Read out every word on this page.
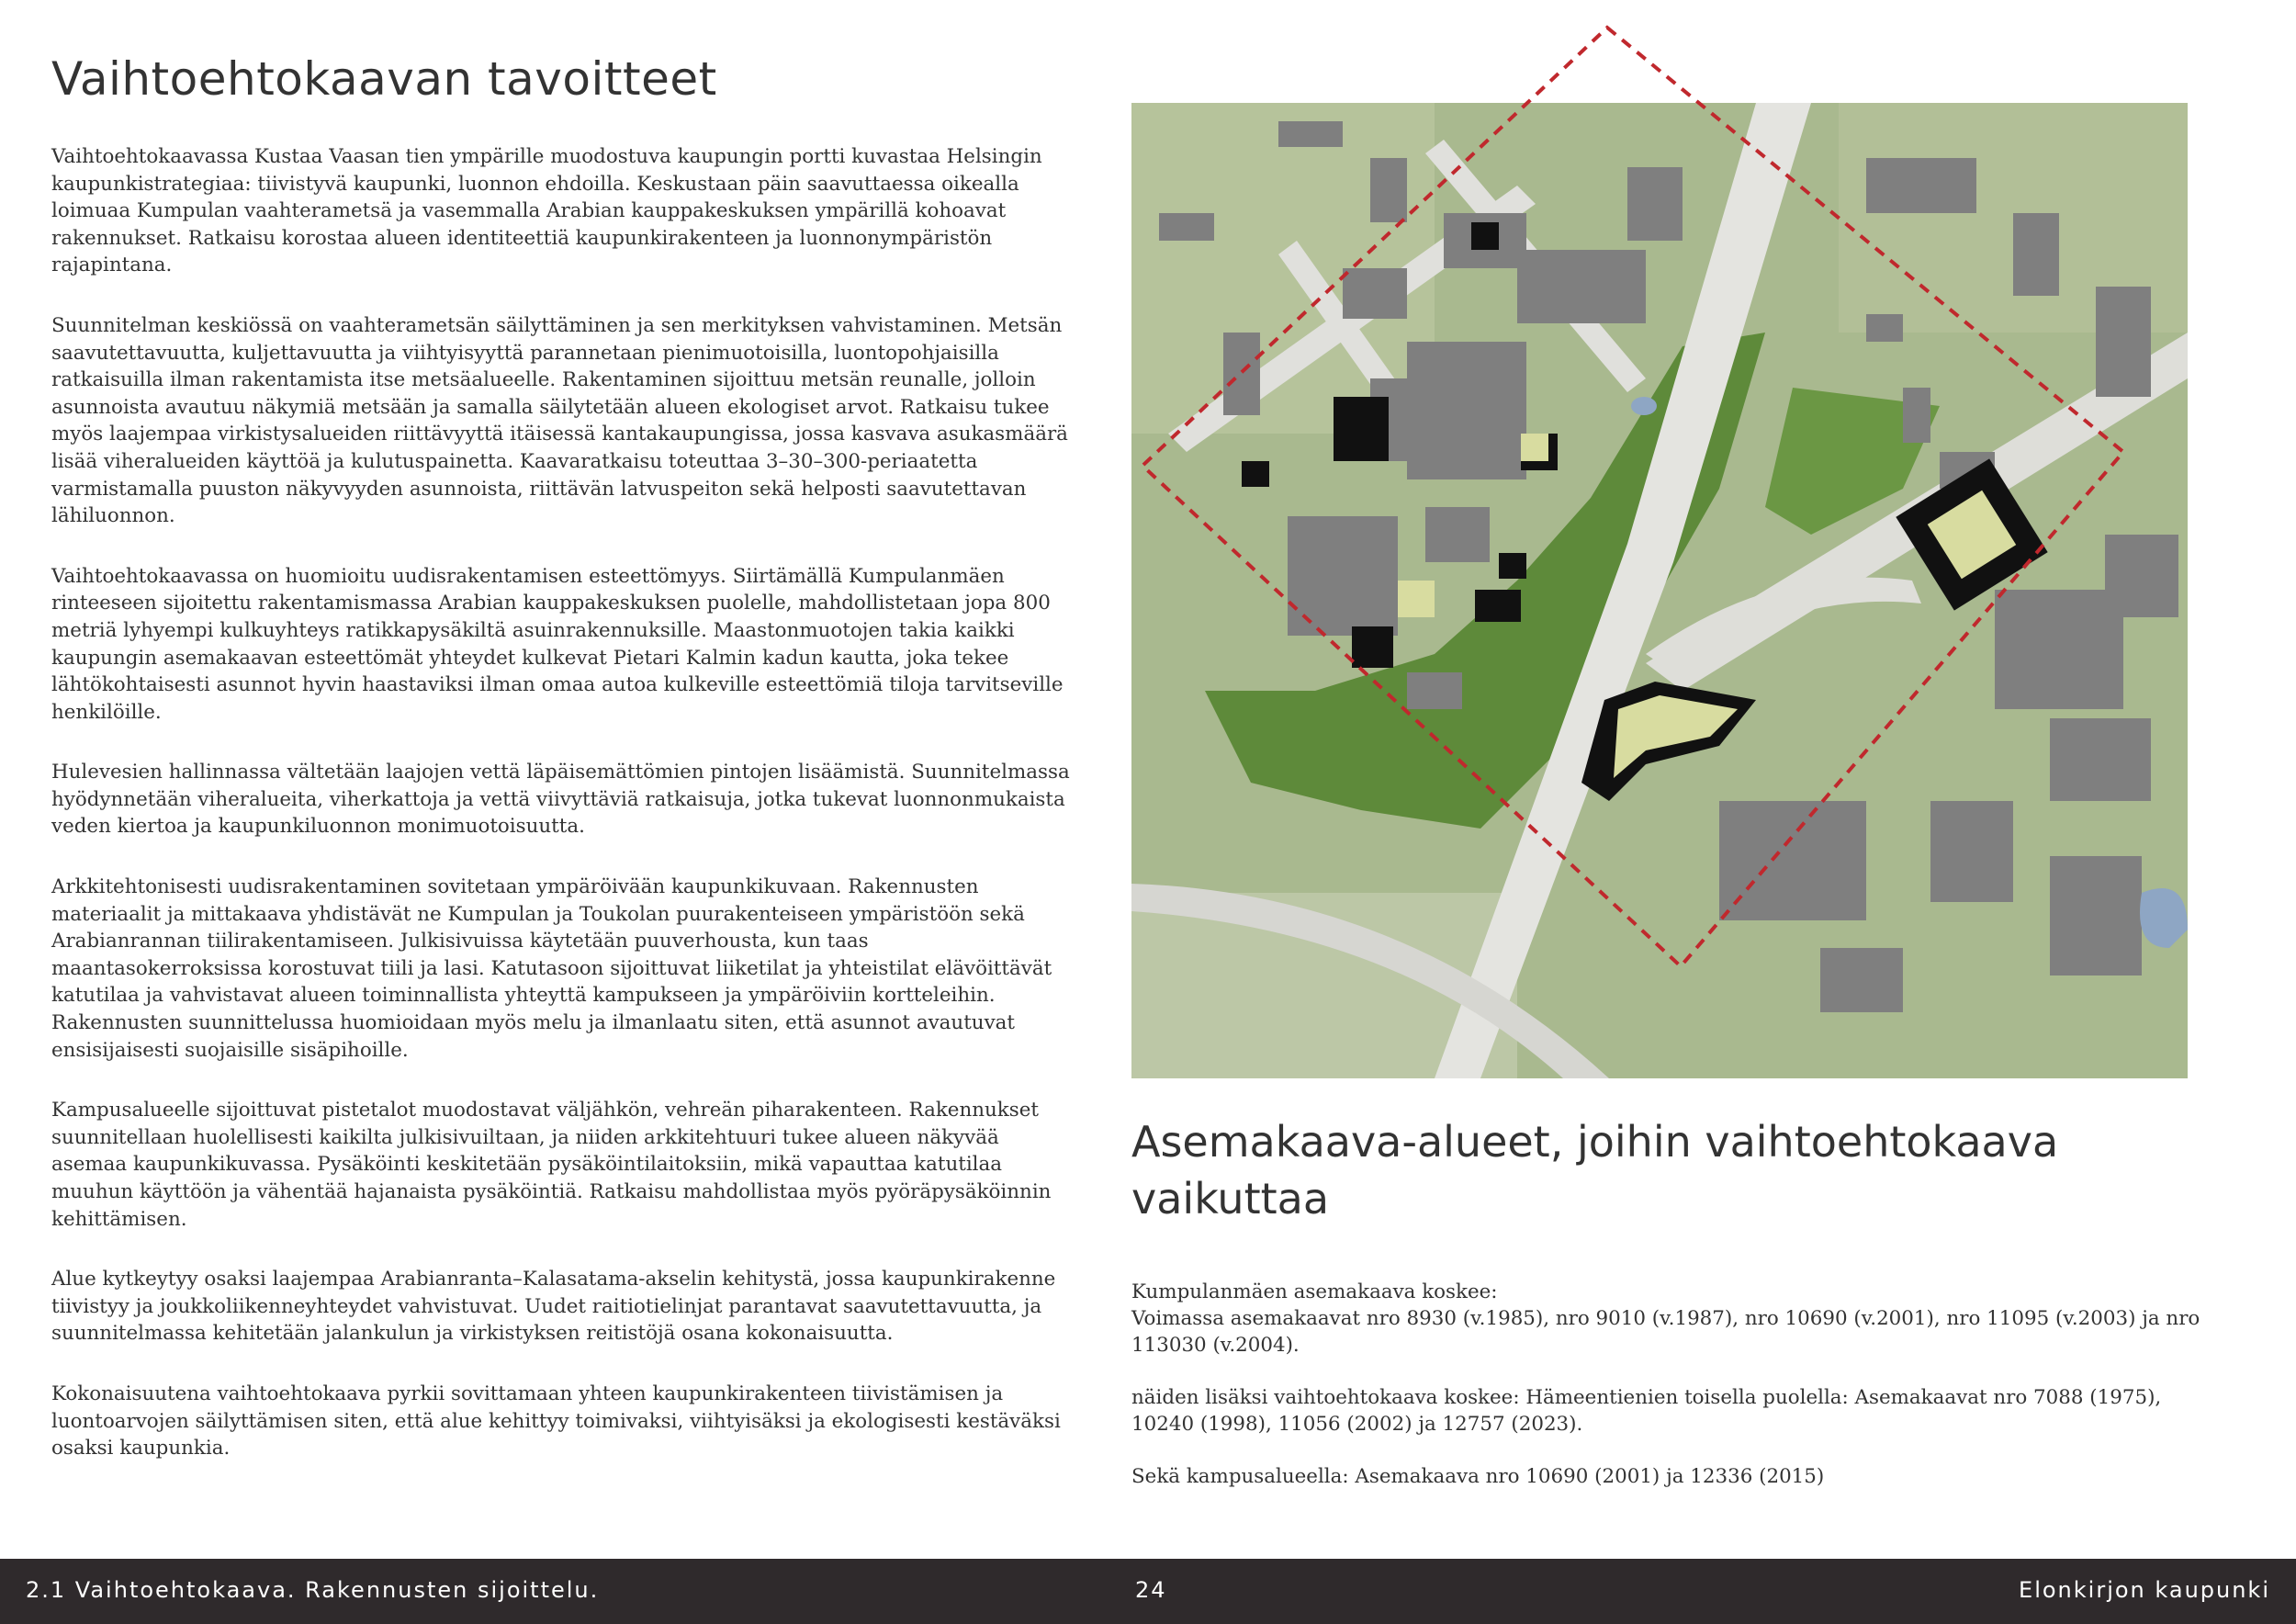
Vaihtoehtokaavan tavoitteet

Vaihtoehtokaavassa Kustaa Vaasan tien ympärille muodostuva kaupungin portti kuvastaa Helsingin kaupunkistrategiaa: tiivistyvä kaupunki, luonnon ehdoilla. Keskustaan päin saavuttaessa oikealla loimuaa Kumpulan vaahterametsä ja vasemmalla Arabian kauppakeskuksen ympärillä kohoavat rakennukset. Ratkaisu korostaa alueen identiteettiä kaupunkirakenteen ja luonnonympäristön rajapintana.

Suunnitelman keskiössä on vaahterametsän säilyttäminen ja sen merkityksen vahvistaminen. Metsän saavutettavuutta, kuljettavuutta ja viihtyisyyttä parannetaan pienimuotoisilla, luontopohjaisilla ratkaisuilla ilman rakentamista itse metsäalueelle. Rakentaminen sijoittuu metsän reunalle, jolloin asunnoista avautuu näkymiä metsään ja samalla säilytetään alueen ekologiset arvot. Ratkaisu tukee myös laajempaa virkistysalueiden riittävyyttä itäisessä kantakaupungissa, jossa kasvava asukasmäärä lisää viheralueiden käyttöä ja kulutuspainetta. Kaavaratkaisu toteuttaa 3–30–300-periaatetta varmistamalla puuston näkyvyyden asunnoista, riittävän latvuspeiton sekä helposti saavutettavan lähiluonnon.

Vaihtoehtokaavassa on huomioitu uudisrakentamisen esteettömyys. Siirtämällä Kumpulanmäen rinteeseen sijoitettu rakentamismassa Arabian kauppakeskuksen puolelle, mahdollistetaan jopa 800 metriä lyhyempi kulkuyhteys ratikkapysäkiltä asuinrakennuksille. Maastonmuotojen takia kaikki kaupungin asemakaavan esteettömät yhteydet kulkevat Pietari Kalmin kadun kautta, joka tekee lähtökohtaisesti asunnot hyvin haastaviksi ilman omaa autoa kulkeville esteettömiä tiloja tarvitseville henkilöille.

Hulevesien hallinnassa vältetään laajojen vettä läpäisemättömien pintojen lisäämistä. Suunnitelmassa hyödynnetään viheralueita, viherkattoja ja vettä viivyttäviä ratkaisuja, jotka tukevat luonnonmukaista veden kiertoa ja kaupunkiluonnon monimuotoisuutta.

Arkkitehtonisesti uudisrakentaminen sovitetaan ympäröivään kaupunkikuvaan. Rakennusten materiaalit ja mittakaava yhdistävät ne Kumpulan ja Toukolan puurakenteiseen ympäristöön sekä Arabianrannan tiilirakentamiseen. Julkisivuissa käytetään puuverhousta, kun taas maantasokerroksissa korostuvat tiili ja lasi. Katutasoon sijoittuvat liiketilat ja yhteistilat elävöittävät katutilaa ja vahvistavat alueen toiminnallista yhteyttä kampukseen ja ympäröiviin kortteleihin. Rakennusten suunnittelussa huomioidaan myös melu ja ilmanlaatu siten, että asunnot avautuvat ensisijaisesti suojaisille sisäpihoille.

Kampusalueelle sijoittuvat pistetalot muodostavat väljähkön, vehreän piharakenteen. Rakennukset suunnitellaan huolellisesti kaikilta julkisivuiltaan, ja niiden arkkitehtuuri tukee alueen näkyvää asemaa kaupunkikuvassa. Pysäköinti keskitetään pysäköintilaitoksiin, mikä vapauttaa katutilaa muuhun käyttöön ja vähentää hajanaista pysäköintiä. Ratkaisu mahdollistaa myös pyöräpysäköinnin kehittämisen.

Alue kytkeytyy osaksi laajempaa Arabianranta–Kalasatama-akselin kehitystä, jossa kaupunkirakenne tiivistyy ja joukkoliikenneyhteydet vahvistuvat. Uudet raitiotielinjat parantavat saavutettavuutta, ja suunnitelmassa kehitetään jalankulun ja virkistyksen reitistöjä osana kokonaisuutta.

Kokonaisuutena vaihtoehtokaava pyrkii sovittamaan yhteen kaupunkirakenteen tiivistämisen ja luontoarvojen säilyttämisen siten, että alue kehittyy toimivaksi, viihtyisäksi ja ekologisesti kestäväksi osaksi kaupunkia.

Asemakaava-alueet, joihin vaihtoehtokaava vaikuttaa

Kumpulanmäen asemakaava koskee:
Voimassa asemakaavat nro 8930 (v.1985), nro 9010 (v.1987), nro 10690 (v.2001), nro 11095 (v.2003) ja nro 113030 (v.2004).

näiden lisäksi vaihtoehtokaava koskee: Hämeentienien toisella puolella: Asemakaavat nro 7088 (1975), 10240 (1998), 11056 (2002) ja 12757 (2023).

Sekä kampusalueella: Asemakaava nro 10690 (2001) ja 12336 (2015)

2.1 Vaihtoehtokaava. Rakennusten sijoittelu.	24	Elonkirjon kaupunki
